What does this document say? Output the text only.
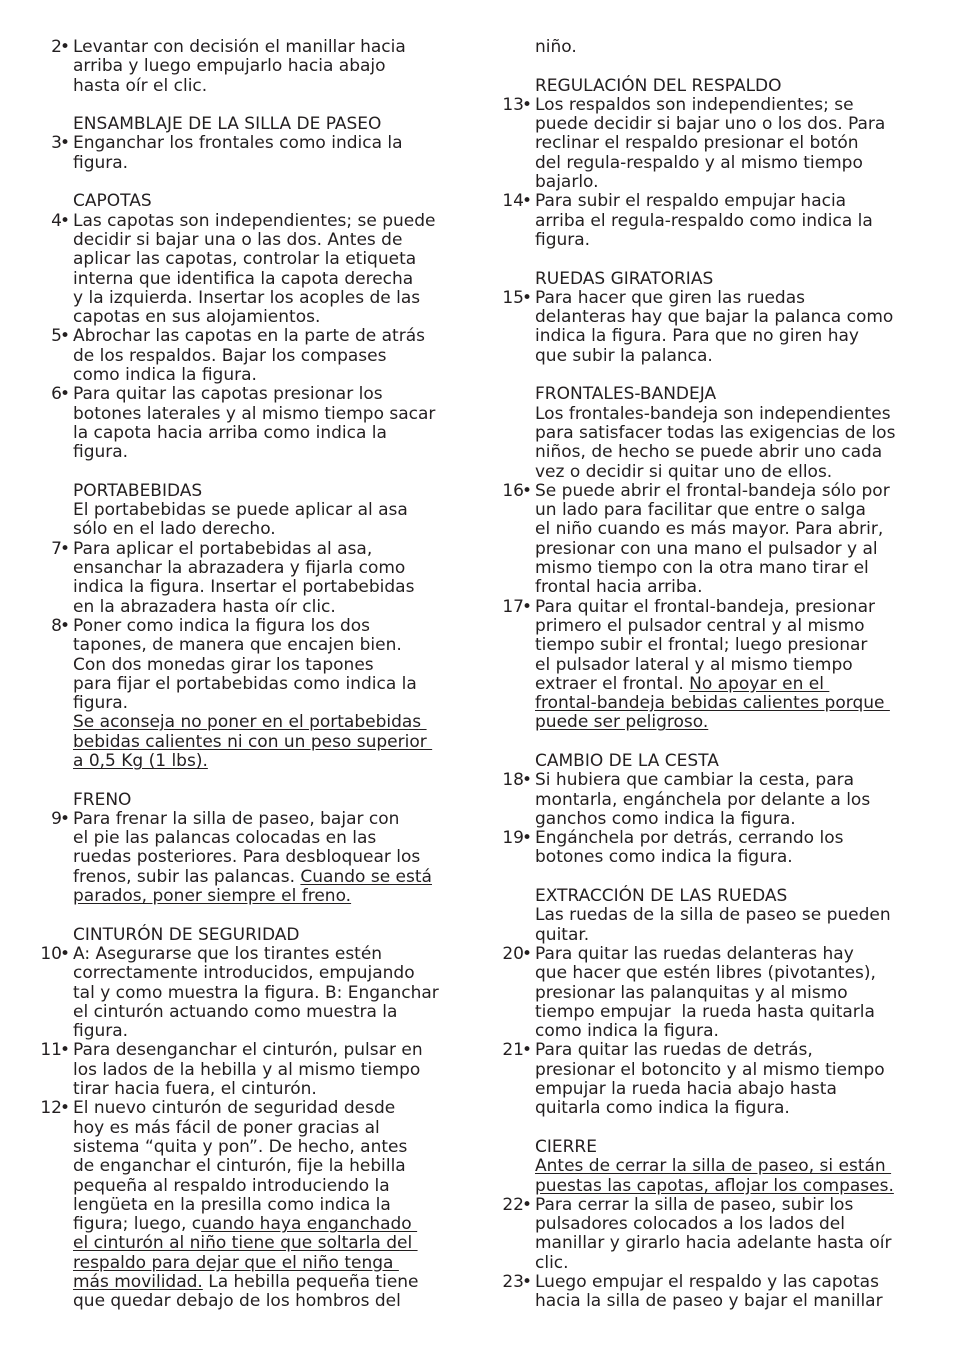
2
• Levantar con decisión el manillar hacia
arriba y luego empujarlo hacia abajo
hasta oír el clic.
ENSAMBLAJE DE LA SILLA DE PASEO
3
• Enganchar los frontales como indica la
figura.
CAPOTAS
4
• Las capotas son independientes; se puede
decidir si bajar una o las dos. Antes de
aplicar las capotas, controlar la etiqueta
interna que identifica la capota derecha
y la izquierda. Insertar los acoples de las
capotas en sus alojamientos.
5
• Abrochar las capotas en la parte de atrás
de los respaldos. Bajar los compases
como indica la figura.
6
• Para quitar las capotas presionar los
botones laterales y al mismo tiempo sacar
la capota hacia arriba como indica la
figura.
PORTABEBIDAS
El portabebidas se puede aplicar al asa
sólo en el lado derecho.
7
• Para aplicar el portabebidas al asa,
ensanchar la abrazadera y fijarla como
indica la figura. Insertar el portabebidas
en la abrazadera hasta oír clic.
8
• Poner como indica la figura los dos
tapones, de manera que encajen bien.
Con dos monedas girar los tapones
para fijar el portabebidas como indica la
figura.
Se aconseja no poner en el portabebidas
bebidas calientes ni con un peso superior
a 0,5 Kg (1 lbs).
FRENO
9
• Para frenar la silla de paseo, bajar con
el pie las palancas colocadas en las
ruedas posteriores. Para desbloquear los
frenos, subir las palancas. Cuando se está
parados, poner siempre el freno.
CINTURÓN DE SEGURIDAD
10
• A: Asegurarse que los tirantes estén
correctamente introducidos, empujando
tal y como muestra la figura. B: Enganchar
el cinturón actuando como muestra la
figura.
11
• Para desenganchar el cinturón, pulsar en
los lados de la hebilla y al mismo tiempo
tirar hacia fuera, el cinturón.
12
• El nuevo cinturón de seguridad desde
hoy es más fácil de poner gracias al
sistema “quita y pon”. De hecho, antes
de enganchar el cinturón, fije la hebilla
pequeña al respaldo introduciendo la
lengüeta en la presilla como indica la
figura; luego, cuando haya enganchado
el cinturón al niño tiene que soltarla del
respaldo para dejar que el niño tenga
más movilidad. La hebilla pequeña tiene
que quedar debajo de los hombros del
niño.
REGULACIÓN DEL RESPALDO
13
• Los respaldos son independientes; se
puede decidir si bajar uno o los dos. Para
reclinar el respaldo presionar el botón
del regula-respaldo y al mismo tiempo
bajarlo.
14
• Para subir el respaldo empujar hacia
arriba el regula-respaldo como indica la
figura.
RUEDAS GIRATORIAS
15
• Para hacer que giren las ruedas
delanteras hay que bajar la palanca como
indica la figura. Para que no giren hay
que subir la palanca.
FRONTALES-BANDEJA
Los frontales-bandeja son independientes
para satisfacer todas las exigencias de los
niños, de hecho se puede abrir uno cada
vez o decidir si quitar uno de ellos.
16
• Se puede abrir el frontal-bandeja sólo por
un lado para facilitar que entre o salga
el niño cuando es más mayor. Para abrir,
presionar con una mano el pulsador y al
mismo tiempo con la otra mano tirar el
frontal hacia arriba.
17
• Para quitar el frontal-bandeja, presionar
primero el pulsador central y al mismo
tiempo subir el frontal; luego presionar
el pulsador lateral y al mismo tiempo
extraer el frontal. No apoyar en el
frontal-bandeja bebidas calientes porque
puede ser peligroso.
CAMBIO DE LA CESTA
18
• Si hubiera que cambiar la cesta, para
montarla, engánchela por delante a los
ganchos como indica la figura.
19
• Engánchela por detrás, cerrando los
botones como indica la figura.
EXTRACCIÓN DE LAS RUEDAS
Las ruedas de la silla de paseo se pueden
quitar.
20
• Para quitar las ruedas delanteras hay
que hacer que estén libres (pivotantes),
presionar las palanquitas y al mismo
tiempo empujar  la rueda hasta quitarla
como indica la figura.
21
• Para quitar las ruedas de detrás,
presionar el botoncito y al mismo tiempo
empujar la rueda hacia abajo hasta
quitarla como indica la figura.
CIERRE
Antes de cerrar la silla de paseo, si están
puestas las capotas, aflojar los compases.
22
• Para cerrar la silla de paseo, subir los
pulsadores colocados a los lados del
manillar y girarlo hacia adelante hasta oír
clic.
23
• Luego empujar el respaldo y las capotas
hacia la silla de paseo y bajar el manillar
